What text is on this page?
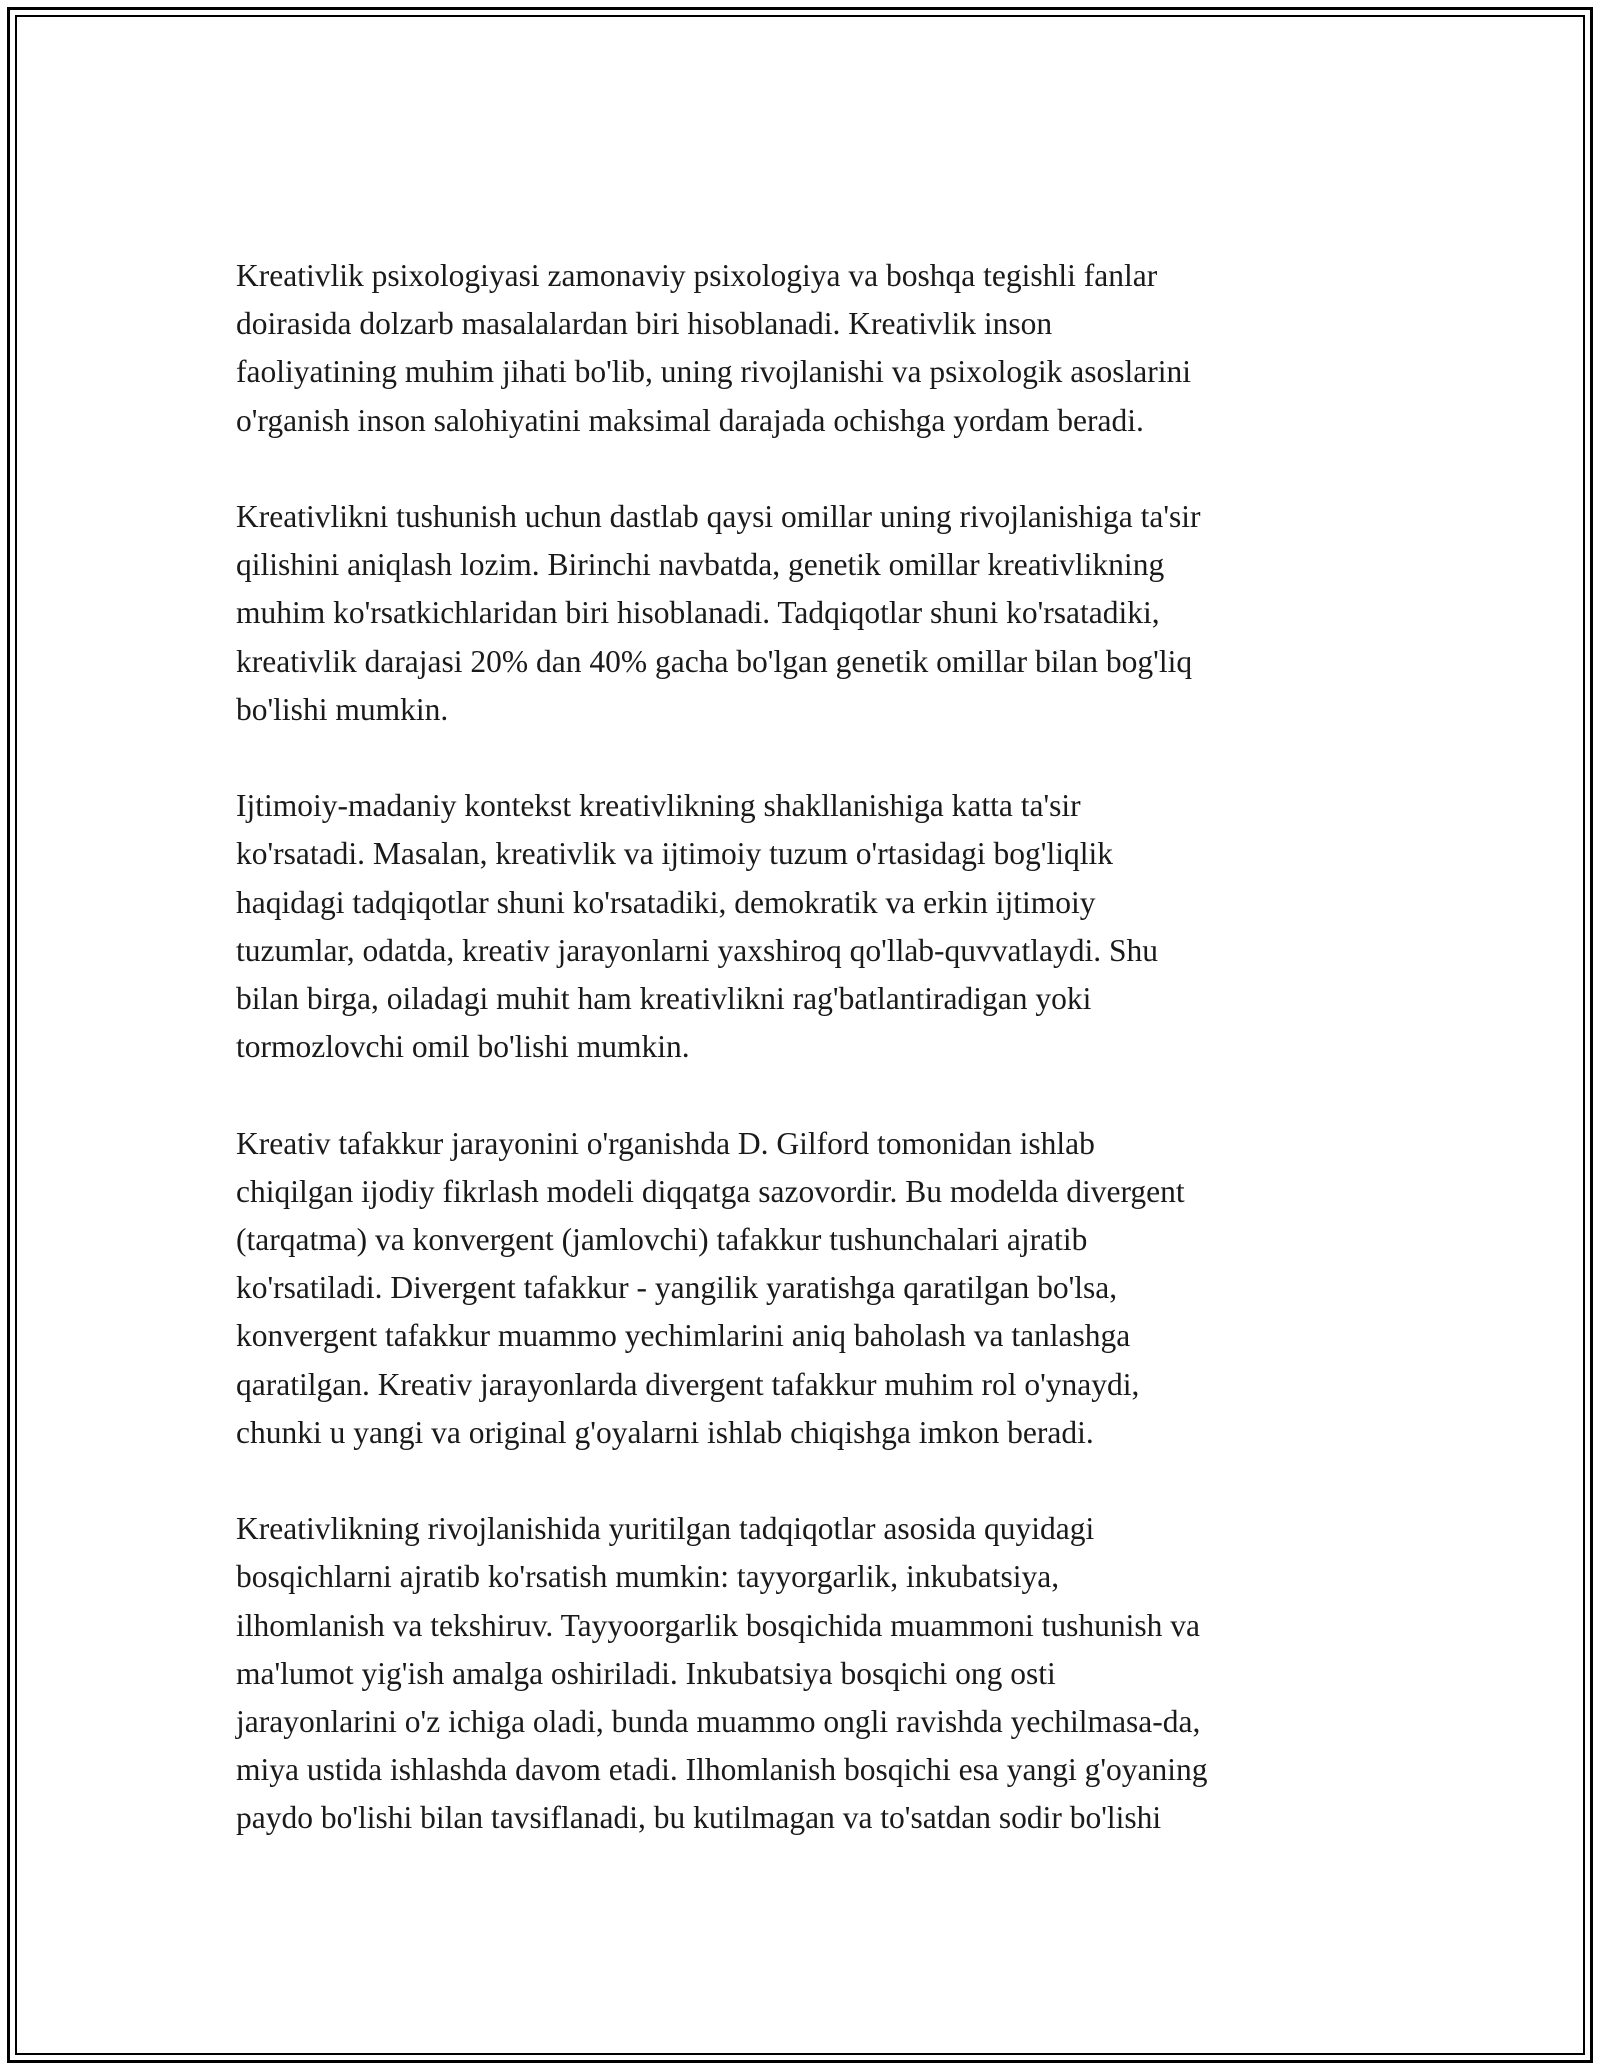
Kreativlik psixologiyasi zamonaviy psixologiya va boshqa tegishli fanlar
doirasida dolzarb masalalardan biri hisoblanadi. Kreativlik inson
faoliyatining muhim jihati bo'lib, uning rivojlanishi va psixologik asoslarini
o'rganish inson salohiyatini maksimal darajada ochishga yordam beradi.

Kreativlikni tushunish uchun dastlab qaysi omillar uning rivojlanishiga ta'sir
qilishini aniqlash lozim. Birinchi navbatda, genetik omillar kreativlikning
muhim ko'rsatkichlaridan biri hisoblanadi. Tadqiqotlar shuni ko'rsatadiki,
kreativlik darajasi 20% dan 40% gacha bo'lgan genetik omillar bilan bog'liq
bo'lishi mumkin.

Ijtimoiy-madaniy kontekst kreativlikning shakllanishiga katta ta'sir
ko'rsatadi. Masalan, kreativlik va ijtimoiy tuzum o'rtasidagi bog'liqlik
haqidagi tadqiqotlar shuni ko'rsatadiki, demokratik va erkin ijtimoiy
tuzumlar, odatda, kreativ jarayonlarni yaxshiroq qo'llab-quvvatlaydi. Shu
bilan birga, oiladagi muhit ham kreativlikni rag'batlantiradigan yoki
tormozlovchi omil bo'lishi mumkin.

Kreativ tafakkur jarayonini o'rganishda D. Gilford tomonidan ishlab
chiqilgan ijodiy fikrlash modeli diqqatga sazovordir. Bu modelda divergent
(tarqatma) va konvergent (jamlovchi) tafakkur tushunchalari ajratib
ko'rsatiladi. Divergent tafakkur - yangilik yaratishga qaratilgan bo'lsa,
konvergent tafakkur muammo yechimlarini aniq baholash va tanlashga
qaratilgan. Kreativ jarayonlarda divergent tafakkur muhim rol o'ynaydi,
chunki u yangi va original g'oyalarni ishlab chiqishga imkon beradi.

Kreativlikning rivojlanishida yuritilgan tadqiqotlar asosida quyidagi
bosqichlarni ajratib ko'rsatish mumkin: tayyorgarlik, inkubatsiya,
ilhomlanish va tekshiruv. Tayyoorgarlik bosqichida muammoni tushunish va
ma'lumot yig'ish amalga oshiriladi. Inkubatsiya bosqichi ong osti
jarayonlarini o'z ichiga oladi, bunda muammo ongli ravishda yechilmasa-da,
miya ustida ishlashda davom etadi. Ilhomlanish bosqichi esa yangi g'oyaning
paydo bo'lishi bilan tavsiflanadi, bu kutilmagan va to'satdan sodir bo'lishi
